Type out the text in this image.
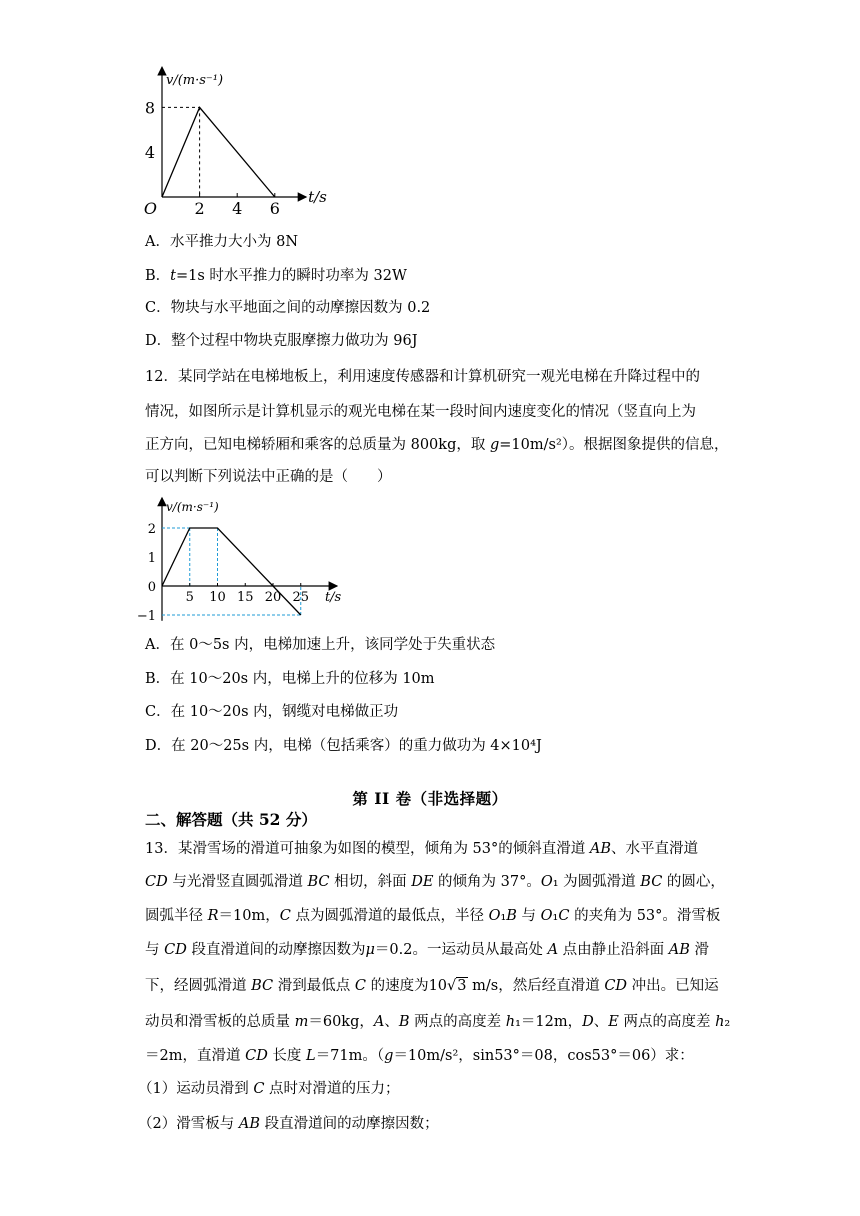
2 4 6
4
8
O
t/s
v/(m·s⁻¹)
A．水平推力大小为 8N
B．t=1s 时水平推力的瞬时功率为 32W
C．物块与水平地面之间的动摩擦因数为 0.2
D．整个过程中物块克服摩擦力做功为 96J
12．某同学站在电梯地板上，利用速度传感器和计算机研究一观光电梯在升降过程中的
情况，如图所示是计算机显示的观光电梯在某一段时间内速度变化的情况（竖直向上为
正方向，已知电梯轿厢和乘客的总质量为 800kg，取 g=10m/s²）。根据图象提供的信息，
可以判断下列说法中正确的是（　　）
5 10 15 20 25
−1
0
1
2
t/s
v/(m·s⁻¹)
A．在 0～5s 内，电梯加速上升，该同学处于失重状态
B．在 10～20s 内，电梯上升的位移为 10m
C．在 10～20s 内，钢缆对电梯做正功
D．在 20～25s 内，电梯（包括乘客）的重力做功为 4×10⁴J
第 II 卷（非选择题）
二、解答题（共 52 分）
13．某滑雪场的滑道可抽象为如图的模型，倾角为 53°的倾斜直滑道 AB、水平直滑道
CD 与光滑竖直圆弧滑道 BC 相切，斜面 DE 的倾角为 37°。O₁ 为圆弧滑道 BC 的圆心，
圆弧半径 R＝10m，C 点为圆弧滑道的最低点，半径 O₁B 与 O₁C 的夹角为 53°。滑雪板
与 CD 段直滑道间的动摩擦因数为μ＝0.2。一运动员从最高处 A 点由静止沿斜面 AB 滑
下，经圆弧滑道 BC 滑到最低点 C 的速度为10√3 m/s，然后经直滑道 CD 冲出。已知运
动员和滑雪板的总质量 m＝60kg，A、B 两点的高度差 h₁＝12m，D、E 两点的高度差 h₂
＝2m，直滑道 CD 长度 L＝71m。（g＝10m/s²，sin53°＝08，cos53°＝06）求：
（1）运动员滑到 C 点时对滑道的压力；
（2）滑雪板与 AB 段直滑道间的动摩擦因数；
